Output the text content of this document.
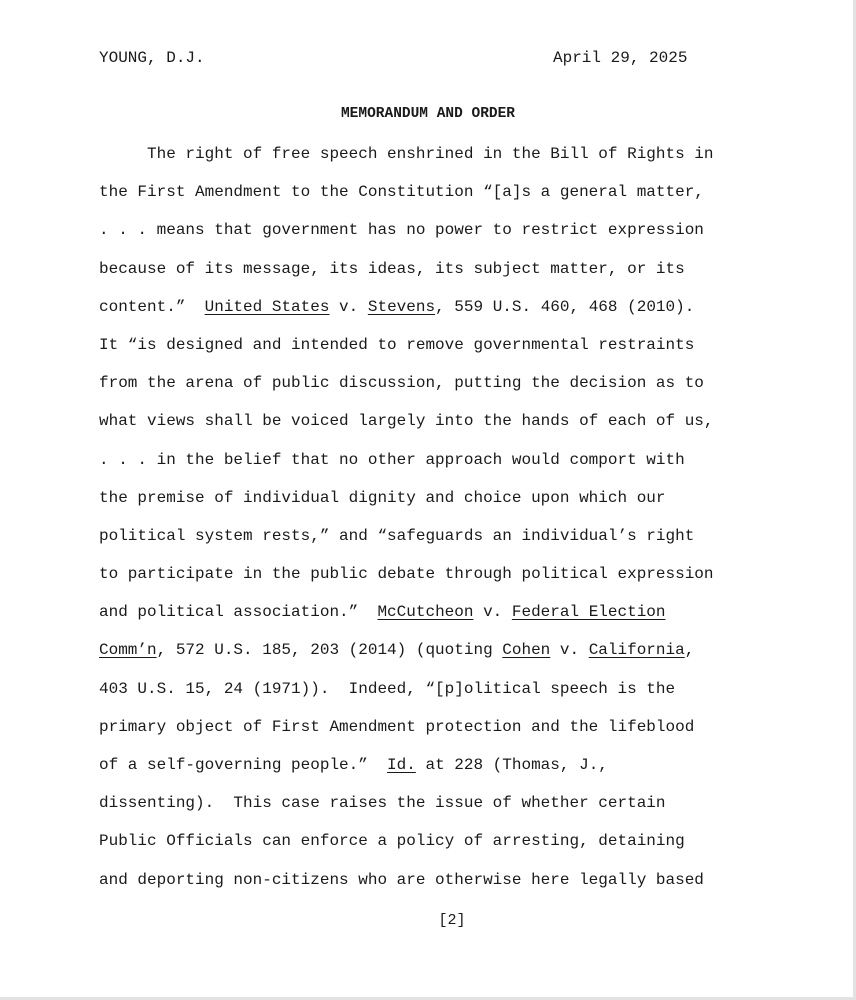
YOUNG, D.J.	April 29, 2025
MEMORANDUM AND ORDER
The right of free speech enshrined in the Bill of Rights in
the First Amendment to the Constitution “[a]s a general matter,
. . . means that government has no power to restrict expression
because of its message, its ideas, its subject matter, or its
content.”  United States v. Stevens, 559 U.S. 460, 468 (2010).
It “is designed and intended to remove governmental restraints
from the arena of public discussion, putting the decision as to
what views shall be voiced largely into the hands of each of us,
. . . in the belief that no other approach would comport with
the premise of individual dignity and choice upon which our
political system rests,” and “safeguards an individual’s right
to participate in the public debate through political expression
and political association.”  McCutcheon v. Federal Election
Comm’n, 572 U.S. 185, 203 (2014) (quoting Cohen v. California,
403 U.S. 15, 24 (1971)).  Indeed, “[p]olitical speech is the
primary object of First Amendment protection and the lifeblood
of a self-governing people.”  Id. at 228 (Thomas, J.,
dissenting).  This case raises the issue of whether certain
Public Officials can enforce a policy of arresting, detaining
and deporting non-citizens who are otherwise here legally based
[2]
